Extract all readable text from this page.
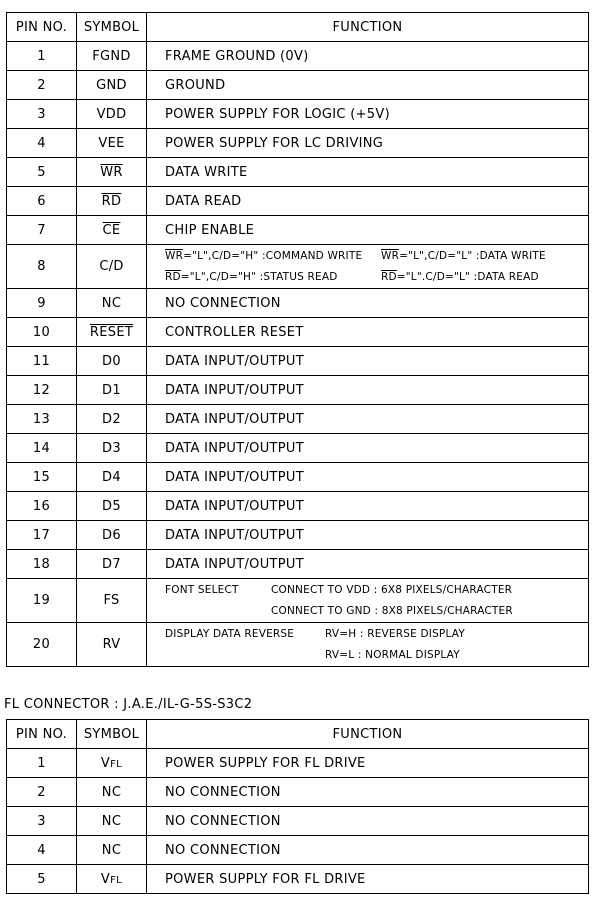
PIN NO.	SYMBOL	FUNCTION
1	FGND	FRAME GROUND (0V)
2	GND	GROUND
3	VDD	POWER SUPPLY FOR LOGIC (+5V)
4	VEE	POWER SUPPLY FOR LC DRIVING
5	$\overline{WR}$	DATA WRITE
6	$\overline{RD}$	DATA READ
7	$\overline{CE}$	CHIP ENABLE
8	C/D	$\overline{WR}="L",C/D="H$" :COMMAND WRITE $\overline{WR}="L",C/D="L$" :DATA WRITE
$\overline{RD}="L",C/D="H$" :STATUS READ $\overline{RD}="L".C/D="L$" :DATA READ

9	NC	NO CONNECTION
10	RESET	CONTROLLER RESET
11	D0	DATA INPUT/OUTPUT
12	D1	DATA INPUT/OUTPUT
13	D2	DATA INPUT/OUTPUT
14	D3	DATA INPUT/OUTPUT
15	D4	DATA INPUT/OUTPUT
16	D5	DATA INPUT/OUTPUT
17	D6	DATA INPUT/OUTPUT
18	D7	DATA INPUT/OUTPUT
19	FS	FONT SELECT CONNECT TO VDD : 6X8 PIXELS/CHARACTER
CONNECT TO GND : 8X8 PIXELS/CHARACTER

20	RV	DISPLAY DATA REVERSE RV=H : REVERSE DISPLAY
RV=L : NORMAL DISPLAY
FL CONNECTOR : J.A.E./IL-G-5S-S3C2
PIN NO.	SYMBOL	FUNCTION
1	VFL	POWER SUPPLY FOR FL DRIVE
2	NC	NO CONNECTION
3	NC	NO CONNECTION
4	NC	NO CONNECTION
5	VFL	POWER SUPPLY FOR FL DRIVE
